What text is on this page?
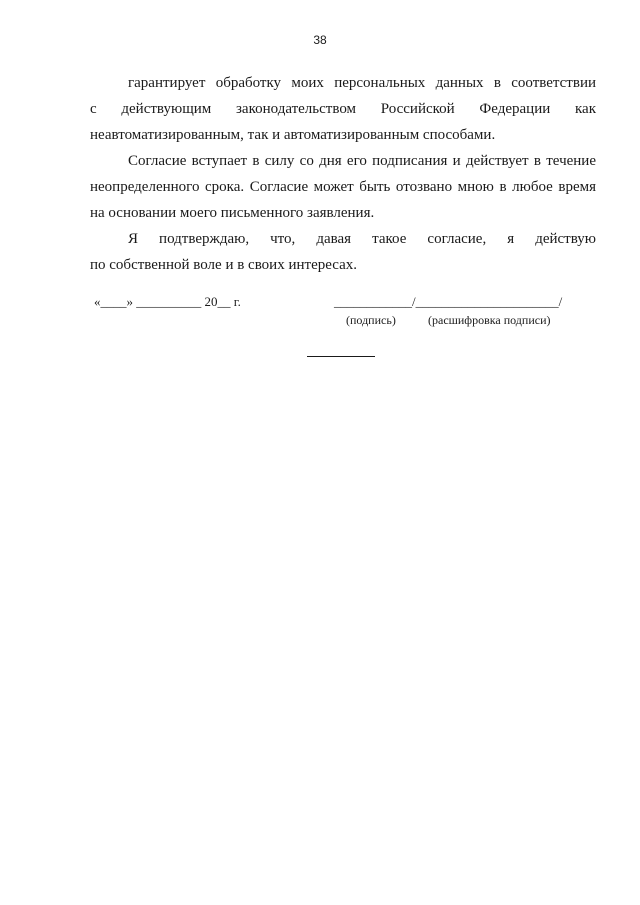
38
гарантирует обработку моих персональных данных в соответствии
с действующим законодательством Российской Федерации как
неавтоматизированным, так и автоматизированным способами.
Согласие вступает в силу со дня его подписания и действует в течение
неопределенного срока. Согласие может быть отозвано мною в любое время
на основании моего письменного заявления.
Я подтверждаю, что, давая такое согласие, я действую
по собственной воле и в своих интересах.
«____» __________ 20__ г.	____________/______________________/
(подпись)	(расшифровка подписи)
